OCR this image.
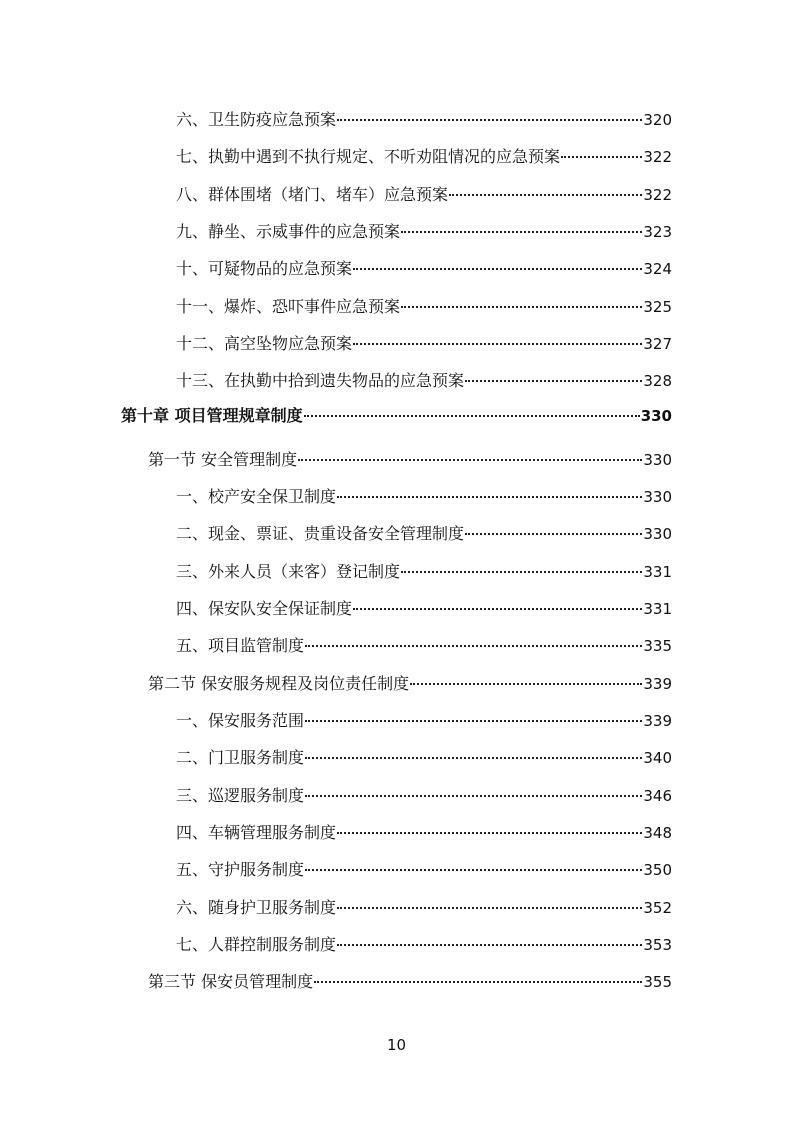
六、卫生防疫应急预案	320
七、执勤中遇到不执行规定、不听劝阻情况的应急预案	322
八、群体围堵（堵门、堵车）应急预案	322
九、静坐、示威事件的应急预案	323
十、可疑物品的应急预案	324
十一、爆炸、恐吓事件应急预案	325
十二、高空坠物应急预案	327
十三、在执勤中拾到遗失物品的应急预案	328
第十章 项目管理规章制度	330
第一节 安全管理制度	330
一、校产安全保卫制度	330
二、现金、票证、贵重设备安全管理制度	330
三、外来人员（来客）登记制度	331
四、保安队安全保证制度	331
五、项目监管制度	335
第二节 保安服务规程及岗位责任制度	339
一、保安服务范围	339
二、门卫服务制度	340
三、巡逻服务制度	346
四、车辆管理服务制度	348
五、守护服务制度	350
六、随身护卫服务制度	352
七、人群控制服务制度	353
第三节 保安员管理制度	355
10
